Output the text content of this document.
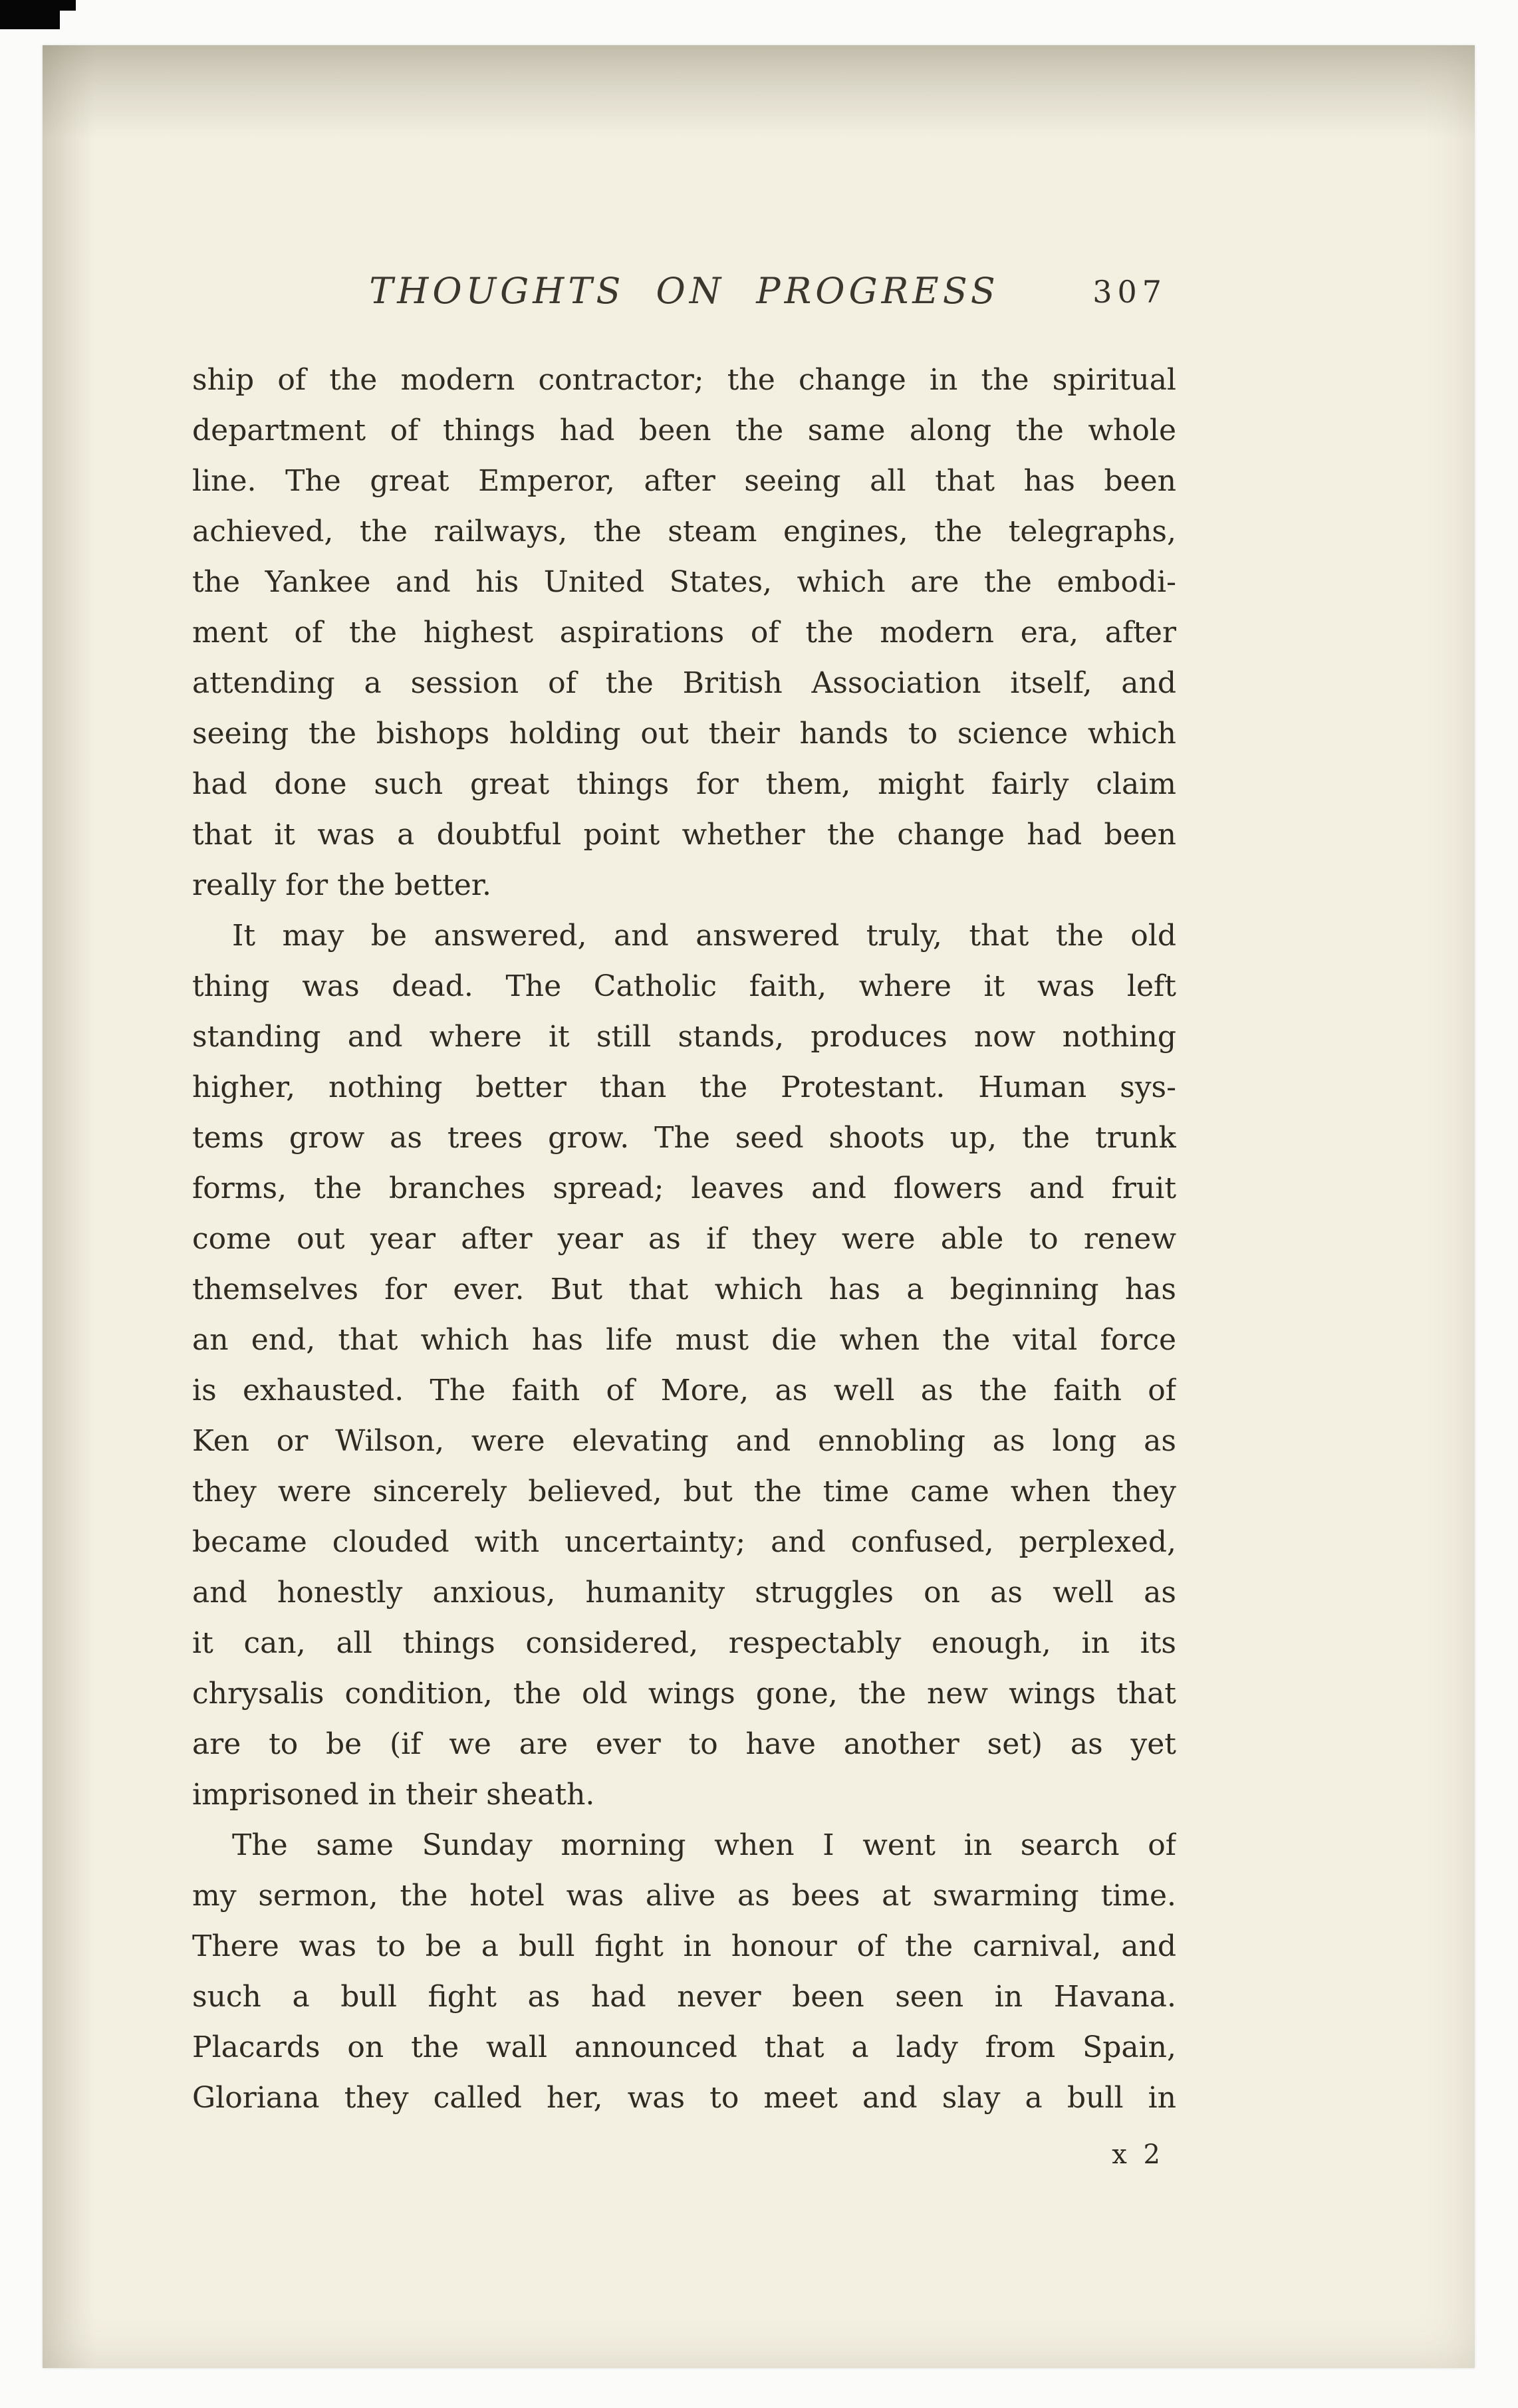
THOUGHTS ON PROGRESS	307
ship of the modern contractor; the change in the spiritual
department of things had been the same along the whole
line. The great Emperor, after seeing all that has been
achieved, the railways, the steam engines, the telegraphs,
the Yankee and his United States, which are the embodi-
ment of the highest aspirations of the modern era, after
attending a session of the British Association itself, and
seeing the bishops holding out their hands to science which
had done such great things for them, might fairly claim
that it was a doubtful point whether the change had been
really for the better.
It may be answered, and answered truly, that the old
thing was dead. The Catholic faith, where it was left
standing and where it still stands, produces now nothing
higher, nothing better than the Protestant. Human sys-
tems grow as trees grow. The seed shoots up, the trunk
forms, the branches spread; leaves and flowers and fruit
come out year after year as if they were able to renew
themselves for ever. But that which has a beginning has
an end, that which has life must die when the vital force
is exhausted. The faith of More, as well as the faith of
Ken or Wilson, were elevating and ennobling as long as
they were sincerely believed, but the time came when they
became clouded with uncertainty; and confused, perplexed,
and honestly anxious, humanity struggles on as well as
it can, all things considered, respectably enough, in its
chrysalis condition, the old wings gone, the new wings that
are to be (if we are ever to have another set) as yet
imprisoned in their sheath.
The same Sunday morning when I went in search of
my sermon, the hotel was alive as bees at swarming time.
There was to be a bull fight in honour of the carnival, and
such a bull fight as had never been seen in Havana.
Placards on the wall announced that a lady from Spain,
Gloriana they called her, was to meet and slay a bull in
x 2
